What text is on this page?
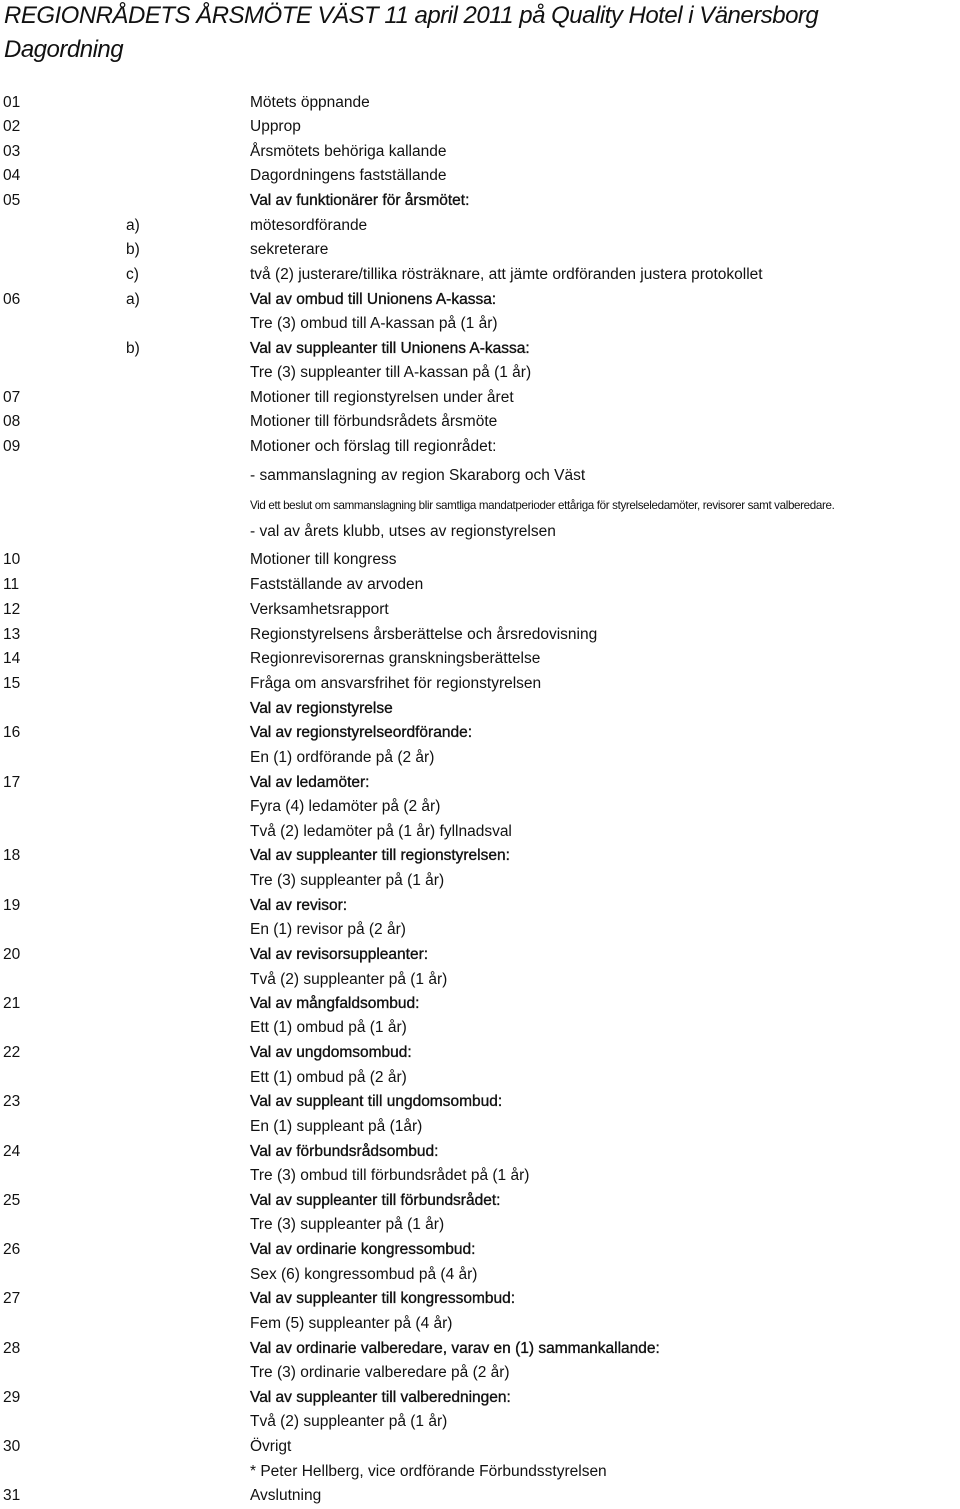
REGIONRÅDETS ÅRSMÖTE VÄST 11 april 2011 på Quality Hotel i Vänersborg
Dagordning
01	Mötets öppnande
02	Upprop
03	Årsmötets behöriga kallande
04	Dagordningens fastställande
05	Val av funktionärer för årsmötet:
a)	mötesordförande
b)	sekreterare
c)	två (2) justerare/tillika rösträknare, att jämte ordföranden justera protokollet
06	a)	Val av ombud till Unionens A-kassa:
Tre (3) ombud till A-kassan på (1 år)
b)	Val av suppleanter till Unionens A-kassa:
Tre (3) suppleanter till A-kassan på (1 år)
07	Motioner till regionstyrelsen under året
08	Motioner till förbundsrådets årsmöte
09	Motioner och förslag till regionrådet:
- sammanslagning av region Skaraborg och Väst
Vid ett beslut om sammanslagning blir samtliga mandatperioder ettåriga för styrelseledamöter, revisorer samt valberedare.
- val av årets klubb, utses av regionstyrelsen
10	Motioner till kongress
11	Fastställande av arvoden
12	Verksamhetsrapport
13	Regionstyrelsens årsberättelse och årsredovisning
14	Regionrevisorernas granskningsberättelse
15	Fråga om ansvarsfrihet för regionstyrelsen
Val av regionstyrelse
16	Val av regionstyrelseordförande:
En (1) ordförande på (2 år)
17	Val av ledamöter:
Fyra (4) ledamöter på (2 år)
Två (2) ledamöter på (1 år) fyllnadsval
18	Val av suppleanter till regionstyrelsen:
Tre (3) suppleanter på (1 år)
19	Val av revisor:
En (1) revisor på (2 år)
20	Val av revisorsuppleanter:
Två (2) suppleanter på (1 år)
21	Val av mångfaldsombud:
Ett (1) ombud på (1 år)
22	Val av ungdomsombud:
Ett (1) ombud på (2 år)
23	Val av suppleant till ungdomsombud:
En (1) suppleant på (1år)
24	Val av förbundsrådsombud:
Tre (3) ombud till förbundsrådet på (1 år)
25	Val av suppleanter till förbundsrådet:
Tre (3) suppleanter på (1 år)
26	Val av ordinarie kongressombud:
Sex (6) kongressombud på (4 år)
27	Val av suppleanter till kongressombud:
Fem (5) suppleanter på (4 år)
28	Val av ordinarie valberedare, varav en (1) sammankallande:
Tre (3) ordinarie valberedare på (2 år)
29	Val av suppleanter till valberedningen:
Två (2) suppleanter på (1 år)
30	Övrigt
* Peter Hellberg, vice ordförande Förbundsstyrelsen
31	Avslutning
